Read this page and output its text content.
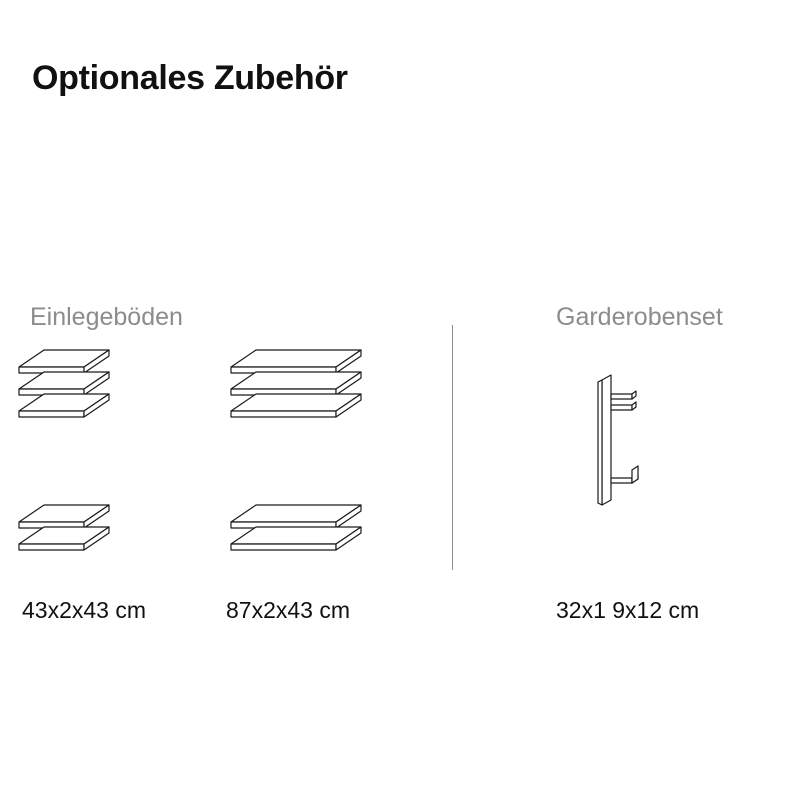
Optionales Zubehör
Einlegeböden	Garderobenset
43x2x43 cm	87x2x43 cm	32x1 9x12 cm
